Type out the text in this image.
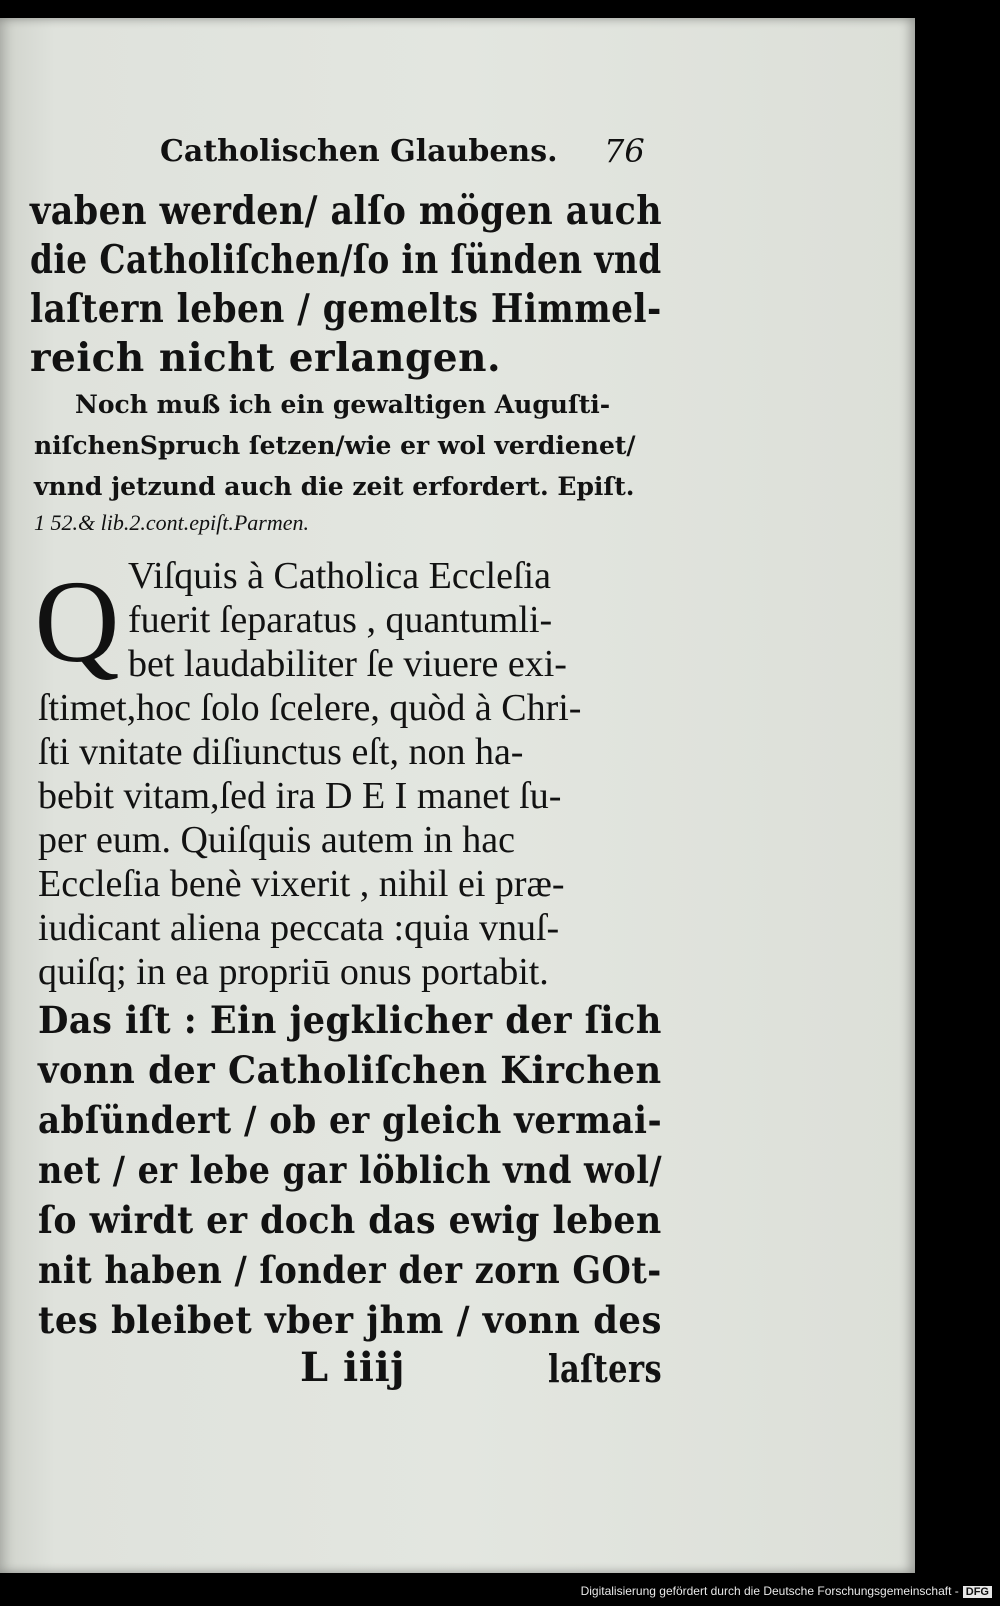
Catholischen Glaubens. 76
vaben werden/ alſo mögen auch
die Catholiſchen/ſo in ſünden vnd
laſtern leben / gemelts Himmel-
reich nicht erlangen.
Noch muß ich ein gewaltigen Auguſti-
niſchenSpruch ſetzen/wie er wol verdienet/
vnnd jetzund auch die zeit erfordert. Epiſt.
1 52.& lib.2.cont.epiſt.Parmen.
Q Viſquis à Catholica Eccleſia
fuerit ſeparatus , quantumli-
bet laudabiliter ſe viuere exi-
ſtimet,hoc ſolo ſcelere, quòd à Chri-
ſti vnitate diſiunctus eſt, non ha-
bebit vitam,ſed ira D E I manet ſu-
per eum. Quiſquis autem in hac
Eccleſia benè vixerit , nihil ei præ-
iudicant aliena peccata :quia vnuſ-
quiſq; in ea propriū onus portabit.
Das iſt : Ein jegklicher der ſich
vonn der Catholiſchen Kirchen
abſündert / ob er gleich vermai-
net / er lebe gar löblich vnd wol/
ſo wirdt er doch das ewig leben
nit haben / ſonder der zorn GOt-
tes bleibet vber jhm / vonn des
L iiij	laſters
Digitalisierung gefördert durch die Deutsche Forschungsgemeinschaft - DFG
